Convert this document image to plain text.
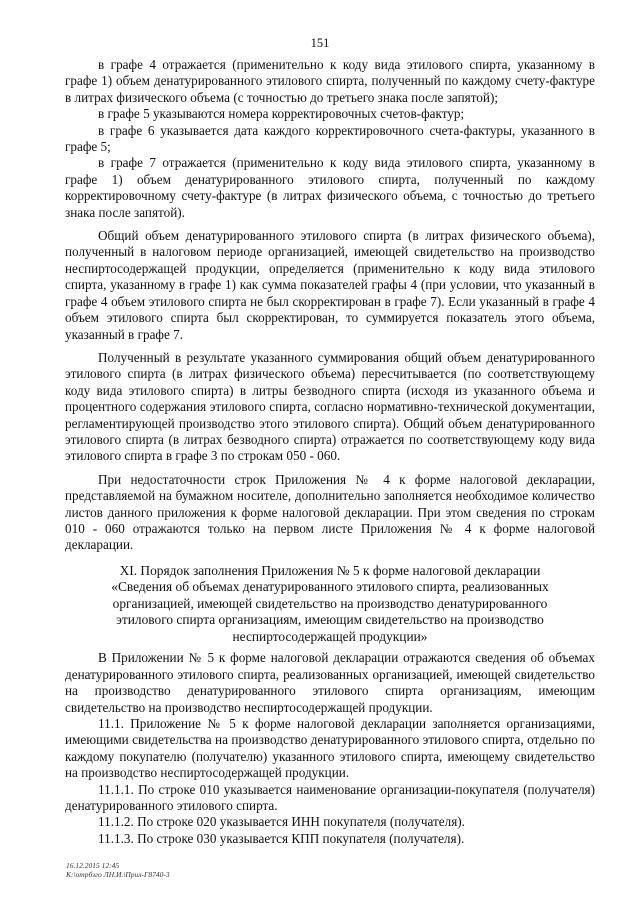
151

в графе 4 отражается (применительно к коду вида этилового спирта, указанному в графе 1) объем денатурированного этилового спирта, полученный по каждому счету-фактуре в литрах физического объема (с точностью до третьего знака после запятой);

в графе 5 указываются номера корректировочных счетов-фактур;

в графе 6 указывается дата каждого корректировочного счета-фактуры, указанного в графе 5;

в графе 7 отражается (применительно к коду вида этилового спирта, указанному в графе 1) объем денатурированного этилового спирта, полученный по каждому корректировочному счету-фактуре (в литрах физического объема, с точностью до третьего знака после запятой).

Общий объем денатурированного этилового спирта (в литрах физического объема), полученный в налоговом периоде организацией, имеющей свидетельство на производство неспиртосодержащей продукции, определяется (применительно к коду вида этилового спирта, указанному в графе 1) как сумма показателей графы 4 (при условии, что указанный в графе 4 объем этилового спирта не был скорректирован в графе 7). Если указанный в графе 4 объем этилового спирта был скорректирован, то суммируется показатель этого объема, указанный в графе 7.

Полученный в результате указанного суммирования общий объем денатурированного этилового спирта (в литрах физического объема) пересчитывается (по соответствующему коду вида этилового спирта) в литры безводного спирта (исходя из указанного объема и процентного содержания этилового спирта, согласно нормативно-технической документации, регламентирующей производство этого этилового спирта). Общий объем денатурированного этилового спирта (в литрах безводного спирта) отражается по соответствующему коду вида этилового спирта в графе 3 по строкам 050 - 060.

При недостаточности строк Приложения № 4 к форме налоговой декларации, представляемой на бумажном носителе, дополнительно заполняется необходимое количество листов данного приложения к форме налоговой декларации. При этом сведения по строкам 010 - 060 отражаются только на первом листе Приложения № 4 к форме налоговой декларации.

XI. Порядок заполнения Приложения № 5 к форме налоговой декларации
«Сведения об объемах денатурированного этилового спирта, реализованных
организацией, имеющей свидетельство на производство денатурированного
этилового спирта организациям, имеющим свидетельство на производство
неспиртосодержащей продукции»

В Приложении № 5 к форме налоговой декларации отражаются сведения об объемах денатурированного этилового спирта, реализованных организацией, имеющей свидетельство на производство денатурированного этилового спирта организациям, имеющим свидетельство на производство неспиртосодержащей продукции.

11.1. Приложение № 5 к форме налоговой декларации заполняется организациями, имеющими свидетельства на производство денатурированного этилового спирта, отдельно по каждому покупателю (получателю) указанного этилового спирта, имеющему свидетельство на производство неспиртосодержащей продукции.

11.1.1. По строке 010 указывается наименование организации-покупателя (получателя) денатурированного этилового спирта.

11.1.2. По строке 020 указывается ИНН покупателя (получателя).

11.1.3. По строке 030 указывается КПП покупателя (получателя).

16.12.2015 12:45
К:\отрбзго ЛН.И.\Прил-Г8740-3
